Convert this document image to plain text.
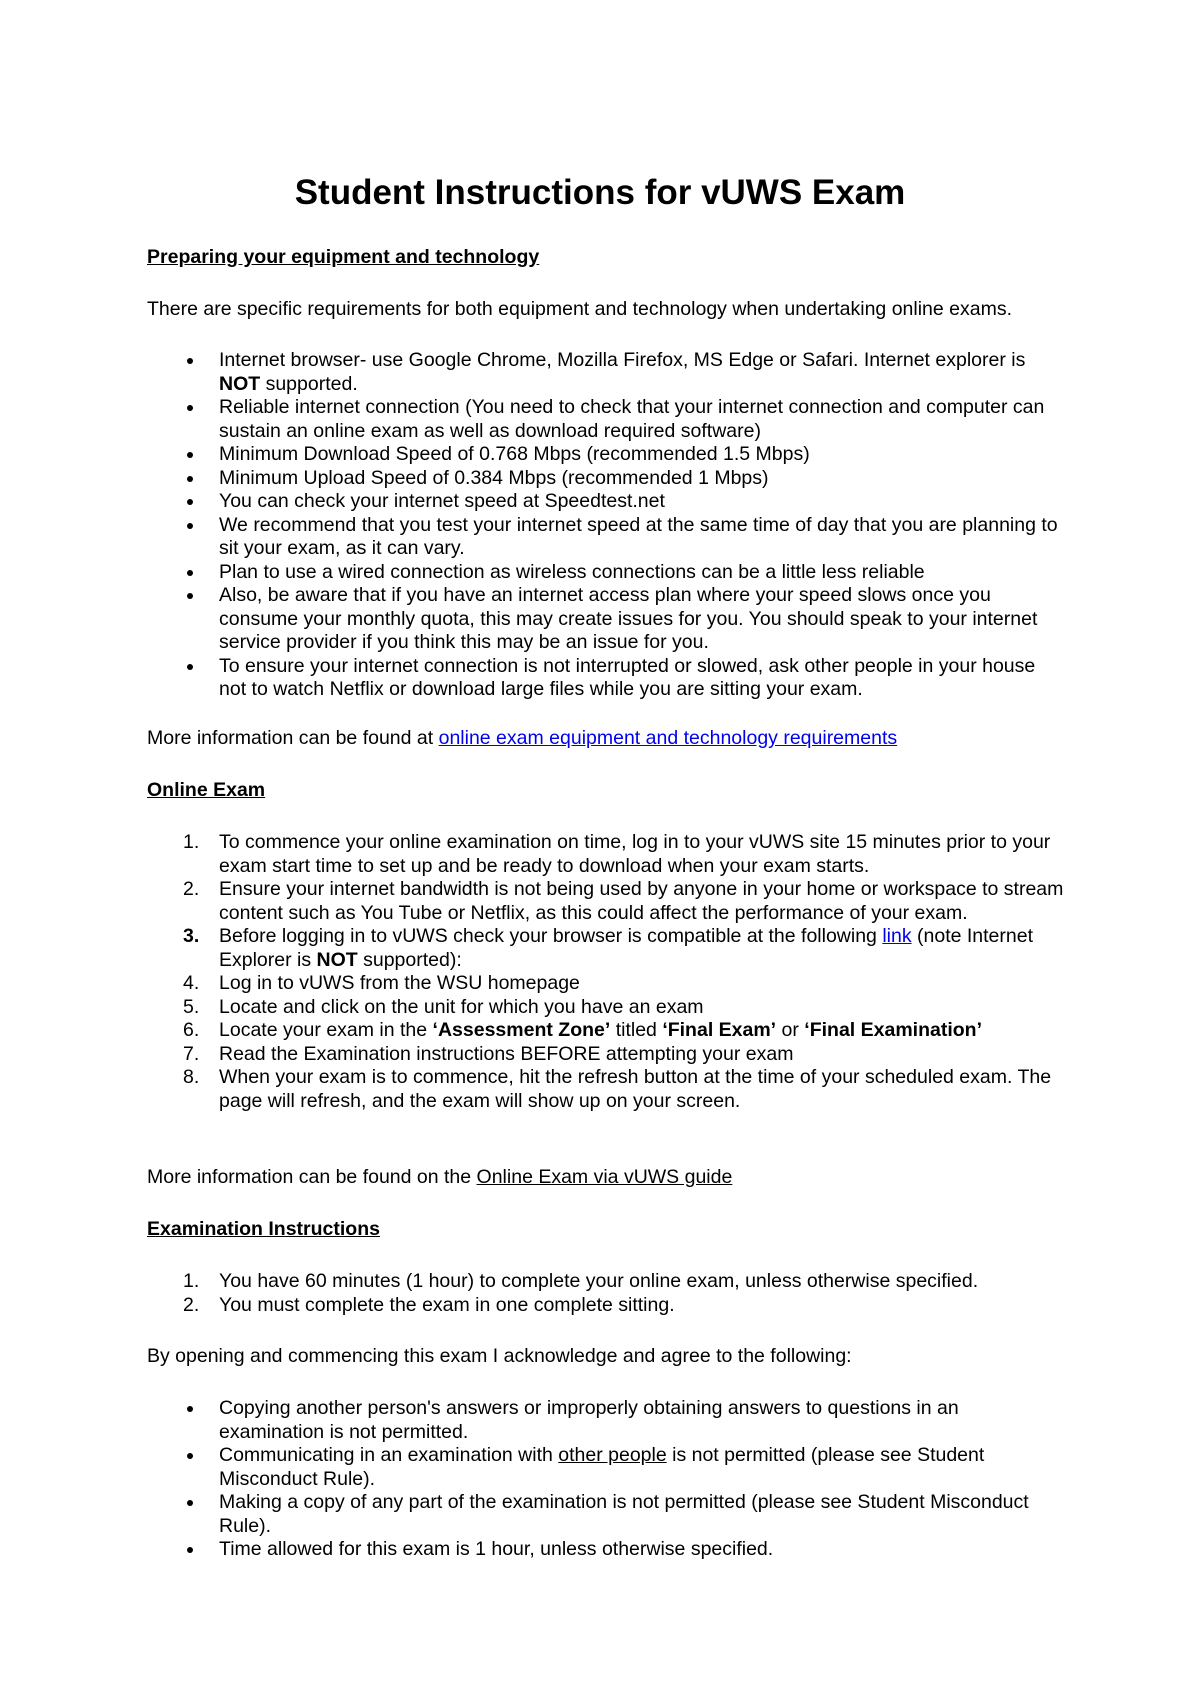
Student Instructions for vUWS Exam

Preparing your equipment and technology

There are specific requirements for both equipment and technology when undertaking online exams.

Internet browser- use Google Chrome, Mozilla Firefox, MS Edge or Safari. Internet explorer is NOT supported.
Reliable internet connection (You need to check that your internet connection and computer can sustain an online exam as well as download required software)
Minimum Download Speed of 0.768 Mbps (recommended 1.5 Mbps)
Minimum Upload Speed of 0.384 Mbps (recommended 1 Mbps)
You can check your internet speed at Speedtest.net
We recommend that you test your internet speed at the same time of day that you are planning to sit your exam, as it can vary.
Plan to use a wired connection as wireless connections can be a little less reliable
Also, be aware that if you have an internet access plan where your speed slows once you consume your monthly quota, this may create issues for you. You should speak to your internet service provider if you think this may be an issue for you.
To ensure your internet connection is not interrupted or slowed, ask other people in your house not to watch Netflix or download large files while you are sitting your exam.

More information can be found at online exam equipment and technology requirements

Online Exam

1. To commence your online examination on time, log in to your vUWS site 15 minutes prior to your exam start time to set up and be ready to download when your exam starts.
2. Ensure your internet bandwidth is not being used by anyone in your home or workspace to stream content such as You Tube or Netflix, as this could affect the performance of your exam.
3. Before logging in to vUWS check your browser is compatible at the following link (note Internet Explorer is NOT supported):
4. Log in to vUWS from the WSU homepage
5. Locate and click on the unit for which you have an exam
6. Locate your exam in the ‘Assessment Zone’ titled ‘Final Exam’ or ‘Final Examination’
7. Read the Examination instructions BEFORE attempting your exam
8. When your exam is to commence, hit the refresh button at the time of your scheduled exam. The page will refresh, and the exam will show up on your screen.

More information can be found on the Online Exam via vUWS guide

Examination Instructions

1. You have 60 minutes (1 hour) to complete your online exam, unless otherwise specified.
2. You must complete the exam in one complete sitting.

By opening and commencing this exam I acknowledge and agree to the following:

Copying another person's answers or improperly obtaining answers to questions in an examination is not permitted.
Communicating in an examination with other people is not permitted (please see Student Misconduct Rule).
Making a copy of any part of the examination is not permitted (please see Student Misconduct Rule).
Time allowed for this exam is 1 hour, unless otherwise specified.
